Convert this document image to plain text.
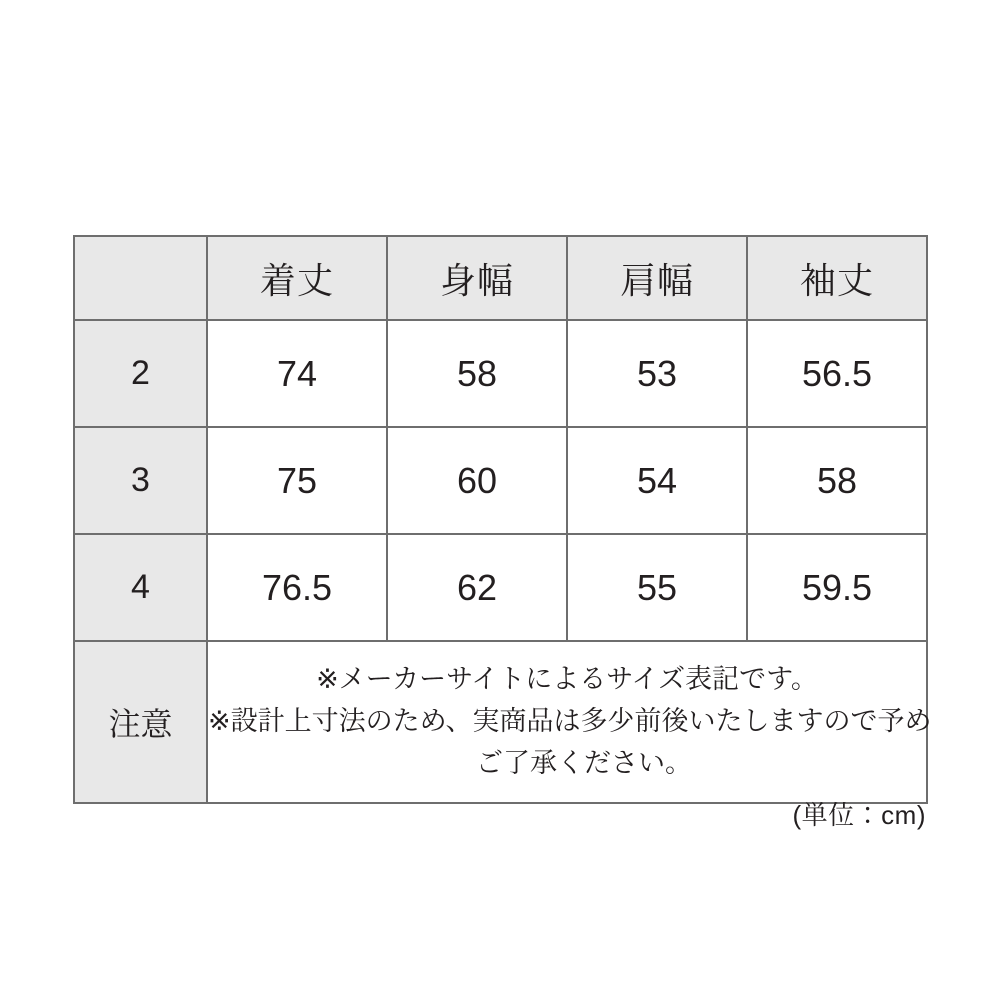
	着丈	身幅	肩幅	袖丈
2	74	58	53	56.5
3	75	60	54	58
4	76.5	62	55	59.5
注意	※メーカーサイトによるサイズ表記です。
※設計上寸法のため、実商品は多少前後いたしますので予め
ご了承ください。			
(単位：cm)
